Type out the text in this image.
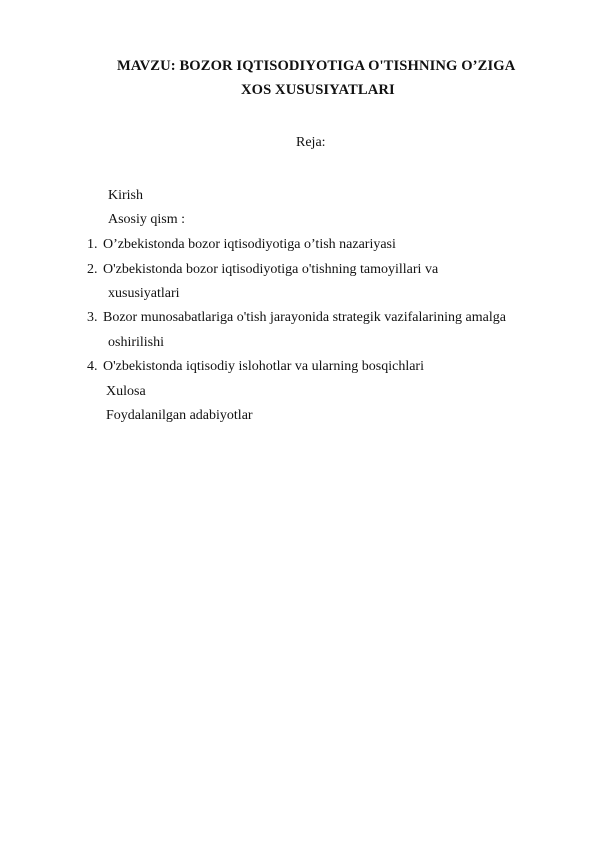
MAVZU: BOZOR IQTISODIYOTIGA O'TISHNING O’ZIGA
XOS XUSUSIYATLARI
Reja:
Kirish
Asosiy qism :
1. O’zbekistonda bozor iqtisodiyotiga o’tish nazariyasi
2. O'zbekistonda bozor iqtisodiyotiga o'tishning tamoyillari va
xususiyatlari
3. Bozor munosabatlariga o'tish jarayonida strategik vazifalarining amalga
oshirilishi
4. O'zbekistonda iqtisodiy islohotlar va ularning bosqichlari
Xulosa
Foydalanilgan adabiyotlar
